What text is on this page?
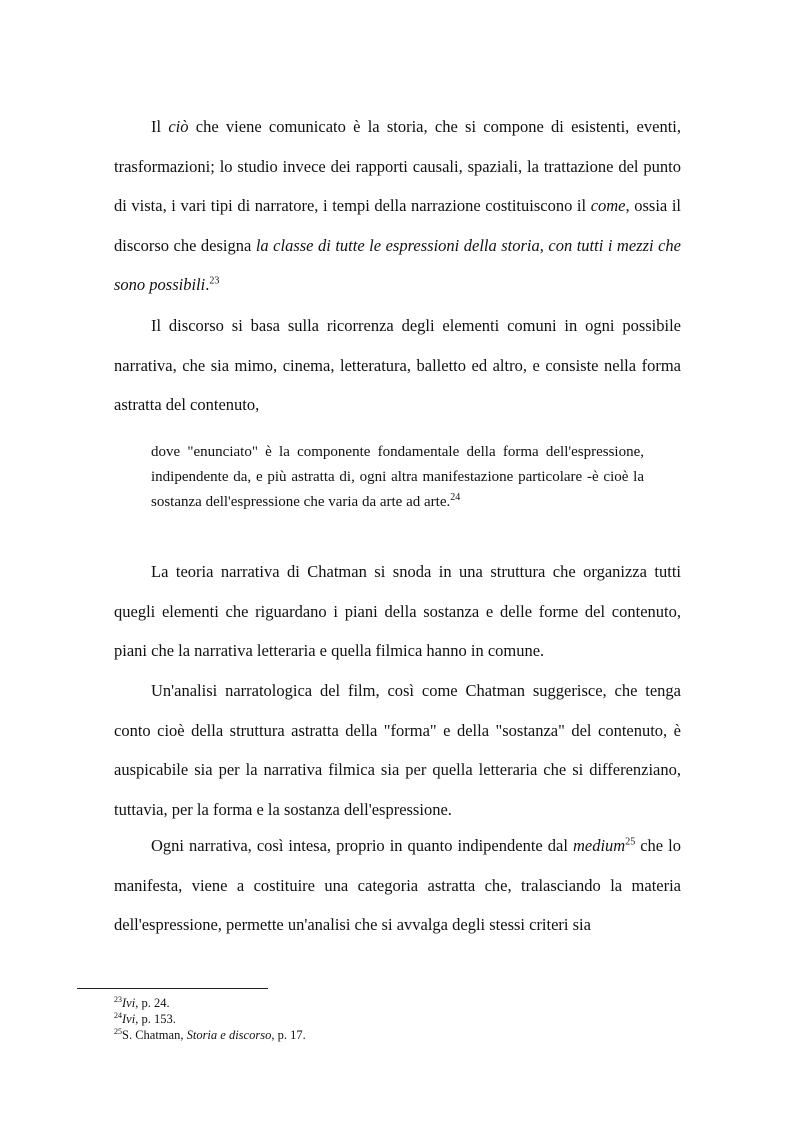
Il ciò che viene comunicato è la storia, che si compone di esistenti, eventi, trasformazioni; lo studio invece dei rapporti causali, spaziali, la trattazione del punto di vista, i vari tipi di narratore, i tempi della narrazione costituiscono il come, ossia il discorso che designa la classe di tutte le espressioni della storia, con tutti i mezzi che sono possibili.$^{23}$

Il discorso si basa sulla ricorrenza degli elementi comuni in ogni possibile narrativa, che sia mimo, cinema, letteratura, balletto ed altro, e consiste nella forma astratta del contenuto,

dove "enunciato" è la componente fondamentale della forma dell'espressione, indipendente da, e più astratta di, ogni altra manifestazione particolare -è cioè la sostanza dell'espressione che varia da arte ad arte.$^{24}$

La teoria narrativa di Chatman si snoda in una struttura che organizza tutti quegli elementi che riguardano i piani della sostanza e delle forme del contenuto, piani che la narrativa letteraria e quella filmica hanno in comune.

Un'analisi narratologica del film, così come Chatman suggerisce, che tenga conto cioè della struttura astratta della "forma" e della "sostanza" del contenuto, è auspicabile sia per la narrativa filmica sia per quella letteraria che si differenziano, tuttavia, per la forma e la sostanza dell'espressione.

Ogni narrativa, così intesa, proprio in quanto indipendente dal medium$^{25}$ che lo manifesta, viene a costituire una categoria astratta che, tralasciando la materia dell'espressione, permette un'analisi che si avvalga degli stessi criteri sia

$^{23}$Ivi, p. 24.

$^{24}$Ivi, p. 153.

$^{25}$S. Chatman, Storia e discorso, p. 17.
